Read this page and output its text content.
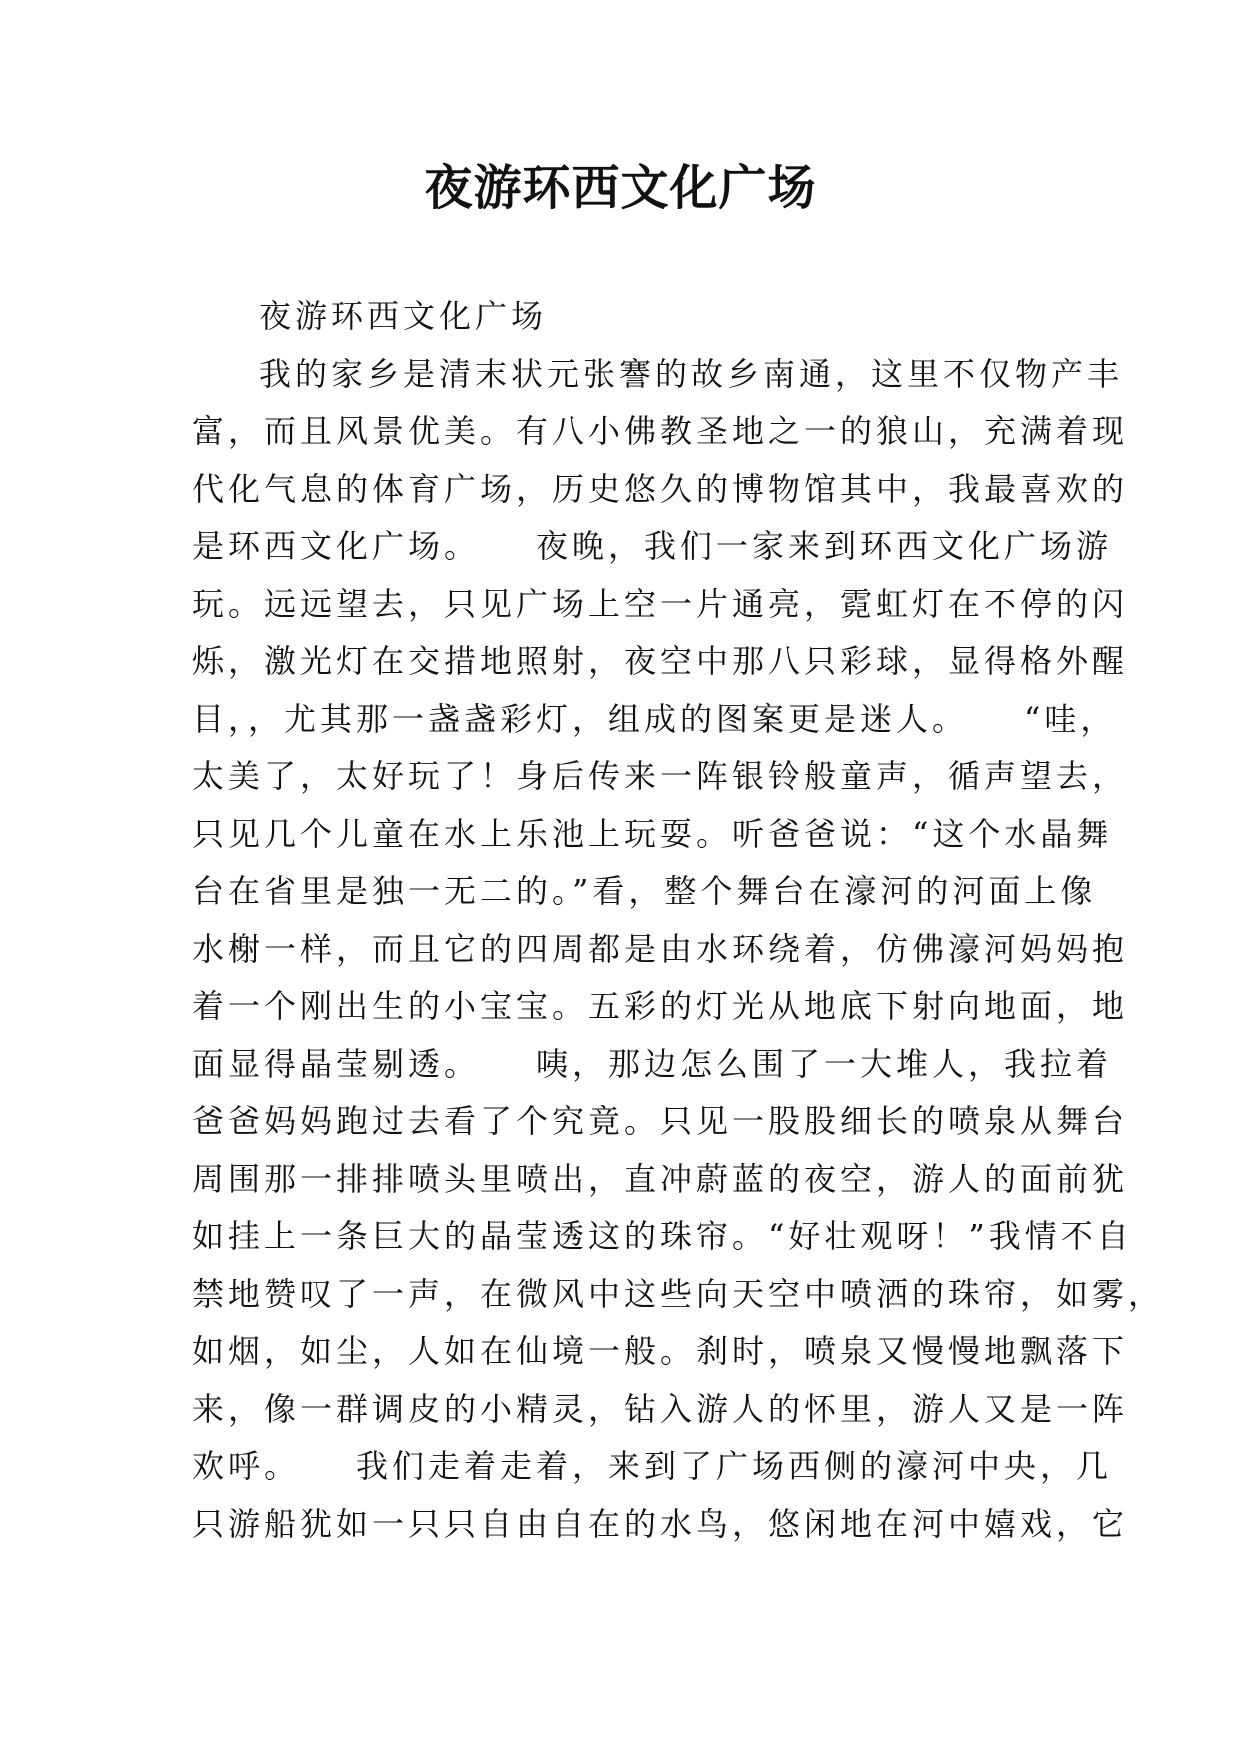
夜游环西文化广场
夜游环西文化广场
我的家乡是清末状元张謇的故乡南通，这里不仅物产丰
富，而且风景优美。有八小佛教圣地之一的狼山，充满着现
代化气息的体育广场，历史悠久的博物馆其中，我最喜欢的
是环西文化广场。　　夜晚，我们一家来到环西文化广场游
玩。远远望去，只见广场上空一片通亮，霓虹灯在不停的闪
烁，激光灯在交措地照射，夜空中那八只彩球，显得格外醒
目，，尤其那一盏盏彩灯，组成的图案更是迷人。　　“哇，
太美了，太好玩了！身后传来一阵银铃般童声，循声望去，
只见几个儿童在水上乐池上玩耍。听爸爸说：“这个水晶舞
台在省里是独一无二的。”看，整个舞台在濠河的河面上像
水榭一样，而且它的四周都是由水环绕着，仿佛濠河妈妈抱
着一个刚出生的小宝宝。五彩的灯光从地底下射向地面，地
面显得晶莹剔透。　　咦，那边怎么围了一大堆人，我拉着
爸爸妈妈跑过去看了个究竟。只见一股股细长的喷泉从舞台
周围那一排排喷头里喷出，直冲蔚蓝的夜空，游人的面前犹
如挂上一条巨大的晶莹透这的珠帘。“好壮观呀！”我情不自
禁地赞叹了一声，在微风中这些向天空中喷洒的珠帘，如雾，
如烟，如尘，人如在仙境一般。刹时，喷泉又慢慢地飘落下
来，像一群调皮的小精灵，钻入游人的怀里，游人又是一阵
欢呼。　　我们走着走着，来到了广场西侧的濠河中央，几
只游船犹如一只只自由自在的水鸟，悠闲地在河中嬉戏，它
